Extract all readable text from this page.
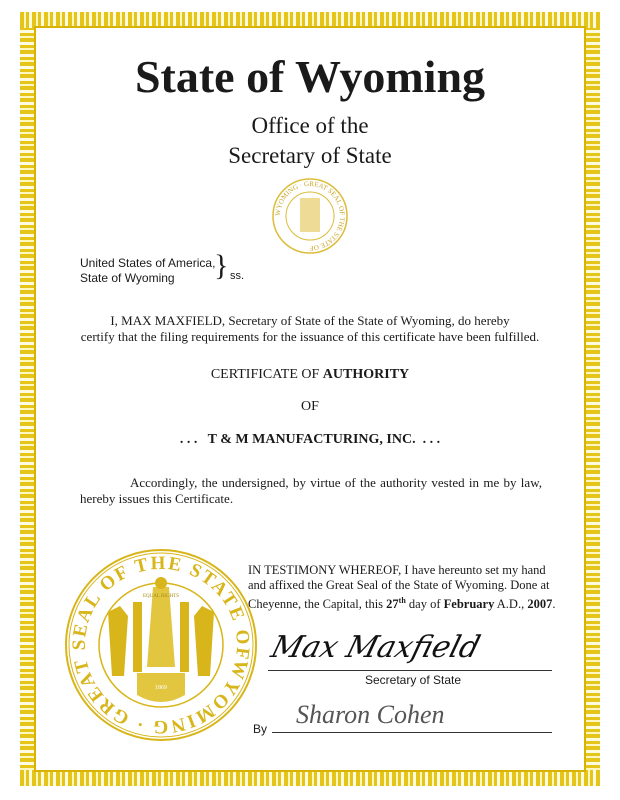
State of Wyoming
Office of the
Secretary of State
WYOMING · GREAT SEAL OF THE STATE OF
United States of America,
State of Wyoming	} ss.
I, MAX MAXFIELD, Secretary of State of the State of Wyoming, do hereby
certify that the filing requirements for the issuance of this certificate have been fulfilled.
CERTIFICATE OF AUTHORITY
OF
. . .   T & M MANUFACTURING, INC.  . . .
Accordingly, the undersigned, by virtue of the authority vested in me by law, hereby issues this Certificate.
WYOMING · GREAT SEAL OF THE STATE OF
1869
EQUAL RIGHTS
IN TESTIMONY WHEREOF, I have hereunto set my hand
and affixed the Great Seal of the State of Wyoming. Done at
Cheyenne, the Capital, this 27th day of February A.D., 2007.
Max Maxfield
Secretary of State
By Sharon Cohen
